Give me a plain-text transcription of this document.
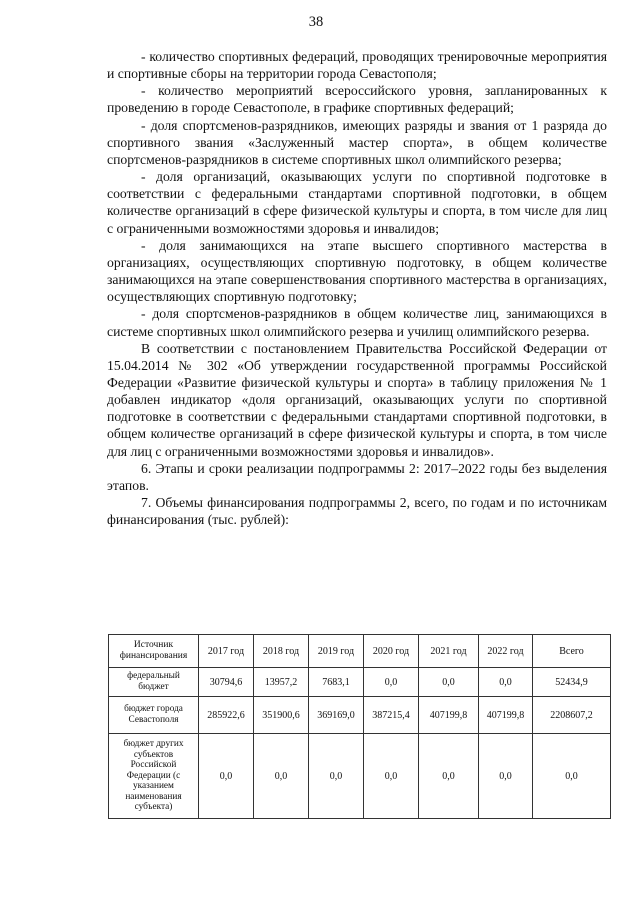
38

- количество спортивных федераций, проводящих тренировочные мероприятия и спортивные сборы на территории города Севастополя;

- количество мероприятий всероссийского уровня, запланированных к проведению в городе Севастополе, в графике спортивных федераций;

- доля спортсменов-разрядников, имеющих разряды и звания от 1 разряда до спортивного звания «Заслуженный мастер спорта», в общем количестве спортсменов-разрядников в системе спортивных школ олимпийского резерва;

- доля организаций, оказывающих услуги по спортивной подготовке в соответствии с федеральными стандартами спортивной подготовки, в общем количестве организаций в сфере физической культуры и спорта, в том числе для лиц с ограниченными возможностями здоровья и инвалидов;

- доля занимающихся на этапе высшего спортивного мастерства в организациях, осуществляющих спортивную подготовку, в общем количестве занимающихся на этапе совершенствования спортивного мастерства в организациях, осуществляющих спортивную подготовку;

- доля спортсменов-разрядников в общем количестве лиц, занимающихся в системе спортивных школ олимпийского резерва и училищ олимпийского резерва.

В соответствии с постановлением Правительства Российской Федерации от 15.04.2014 № 302 «Об утверждении государственной программы Российской Федерации «Развитие физической культуры и спорта» в таблицу приложения № 1 добавлен индикатор «доля организаций, оказывающих услуги по спортивной подготовке в соответствии с федеральными стандартами спортивной подготовки, в общем количестве организаций в сфере физической культуры и спорта, в том числе для лиц с ограниченными возможностями здоровья и инвалидов».

6. Этапы и сроки реализации подпрограммы 2: 2017–2022 годы без выделения этапов.

7. Объемы финансирования подпрограммы 2, всего, по годам и по источникам финансирования (тыс. рублей):

Источник финансирования	2017 год	2018 год	2019 год	2020 год	2021 год	2022 год	Всего
федеральный бюджет	30794,6	13957,2	7683,1	0,0	0,0	0,0	52434,9
бюджет города Севастополя	285922,6	351900,6	369169,0	387215,4	407199,8	407199,8	2208607,2
бюджет других субъектов Российской Федерации (с указанием наименования субъекта)	0,0	0,0	0,0	0,0	0,0	0,0	0,0
